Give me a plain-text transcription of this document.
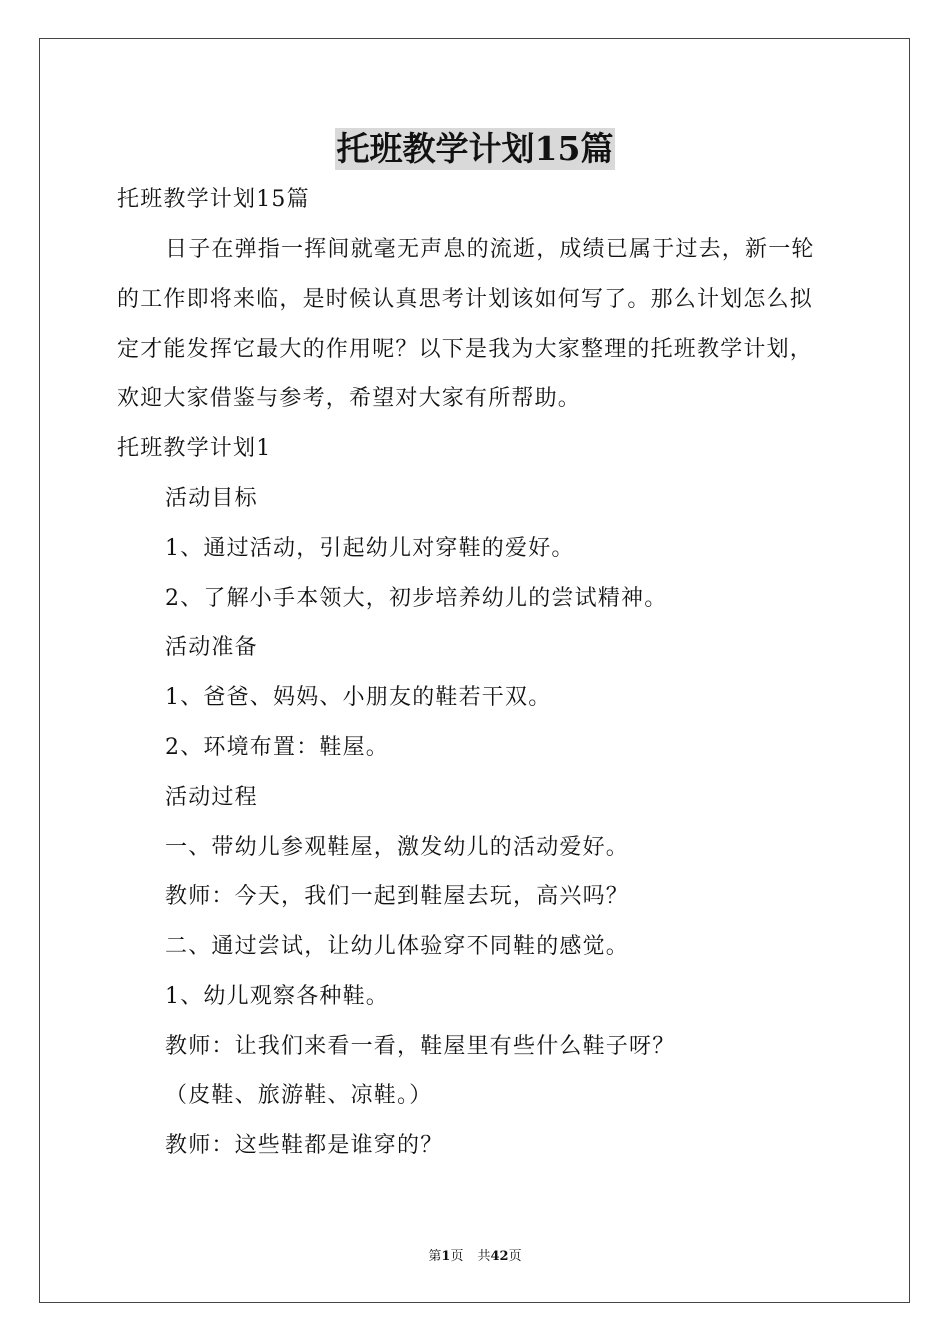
托班教学计划15篇
托班教学计划15篇
日子在弹指一挥间就毫无声息的流逝，成绩已属于过去，新一轮
的工作即将来临，是时候认真思考计划该如何写了。那么计划怎么拟
定才能发挥它最大的作用呢？以下是我为大家整理的托班教学计划，
欢迎大家借鉴与参考，希望对大家有所帮助。
托班教学计划1
活动目标
1、通过活动，引起幼儿对穿鞋的爱好。
2、了解小手本领大，初步培养幼儿的尝试精神。
活动准备
1、爸爸、妈妈、小朋友的鞋若干双。
2、环境布置：鞋屋。
活动过程
一、带幼儿参观鞋屋，激发幼儿的活动爱好。
教师：今天，我们一起到鞋屋去玩，高兴吗？
二、通过尝试，让幼儿体验穿不同鞋的感觉。
1、幼儿观察各种鞋。
教师：让我们来看一看，鞋屋里有些什么鞋子呀？
（皮鞋、旅游鞋、凉鞋。）
教师：这些鞋都是谁穿的？
第1页 共42页
